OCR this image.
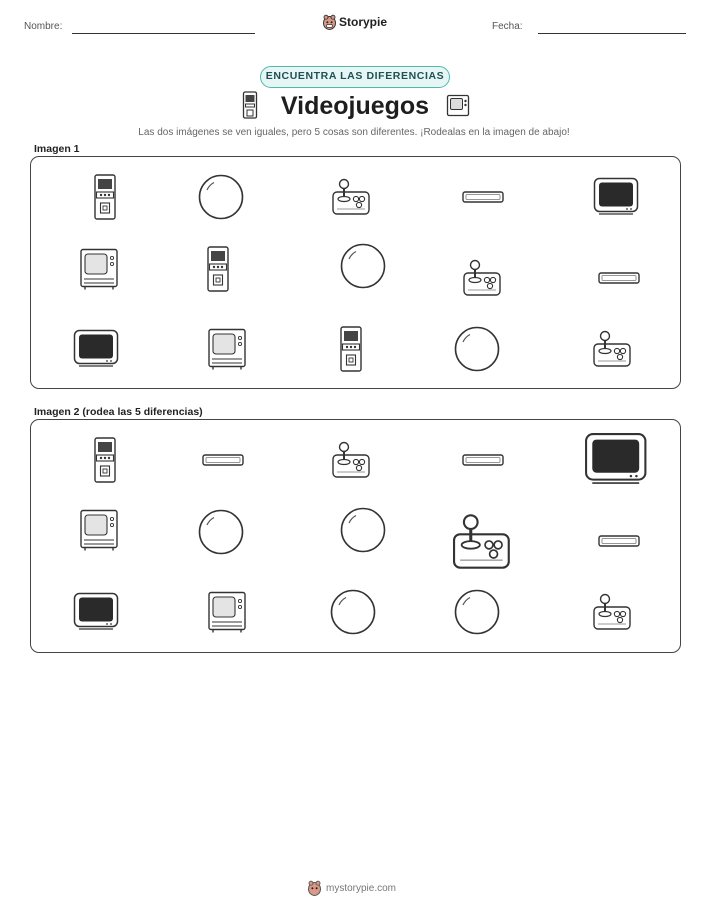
Nombre:	Storypie	Fecha:
ENCUENTRA LAS DIFERENCIAS
Videojuegos
Las dos imágenes se ven iguales, pero 5 cosas son diferentes. ¡Rodealas en la imagen de abajo!
Imagen 1
Imagen 2 (rodea las 5 diferencias)
mystorypie.com
